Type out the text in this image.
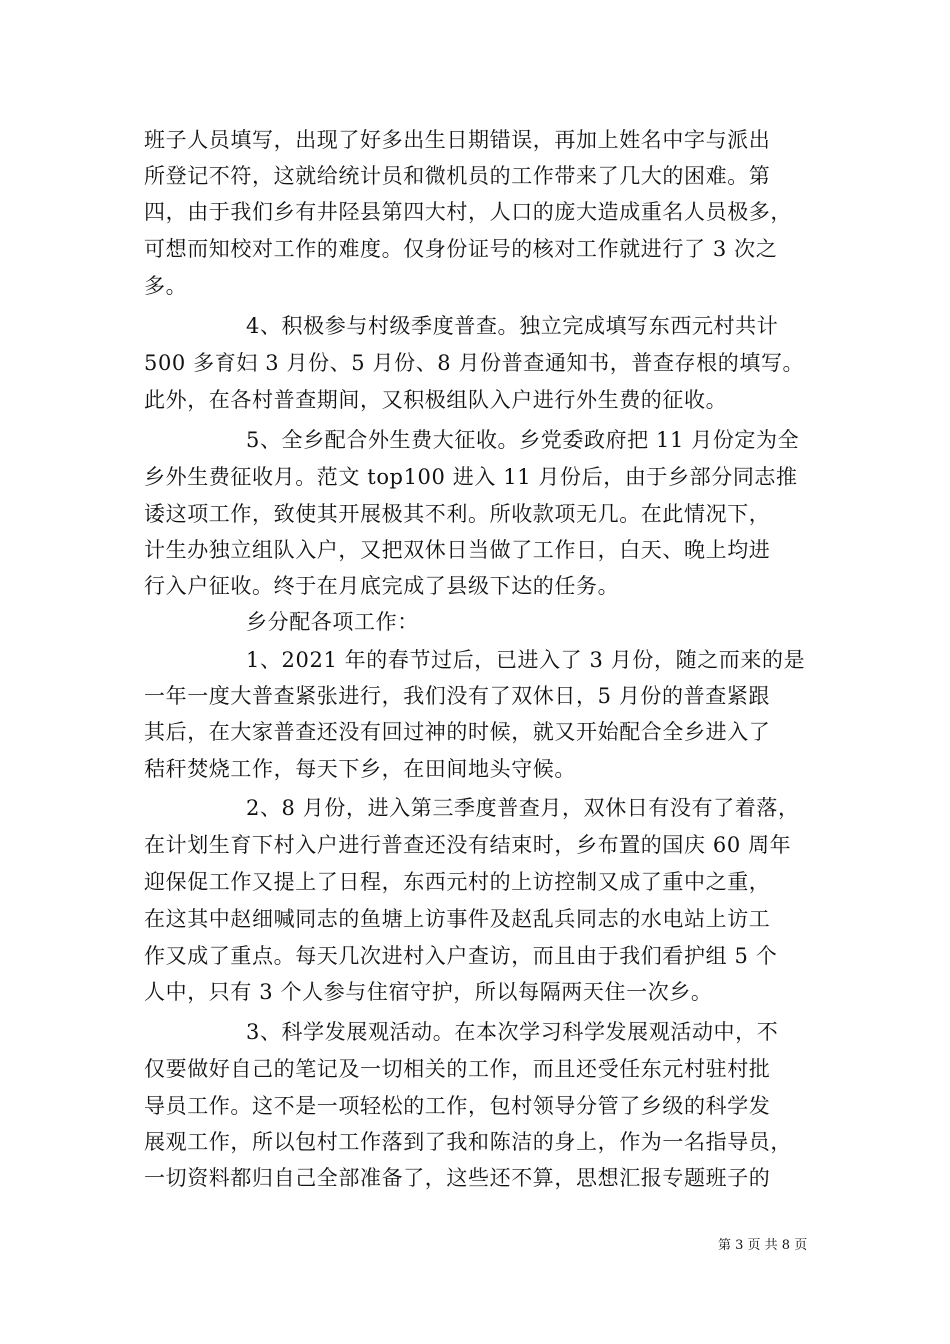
班子人员填写，出现了好多出生日期错误，再加上姓名中字与派出
所登记不符，这就给统计员和微机员的工作带来了几大的困难。第
四，由于我们乡有井陉县第四大村，人口的庞大造成重名人员极多，
可想而知校对工作的难度。仅身份证号的核对工作就进行了 3 次之
多。
4、积极参与村级季度普查。独立完成填写东西元村共计
500 多育妇 3 月份、5 月份、8 月份普查通知书，普查存根的填写。
此外，在各村普查期间，又积极组队入户进行外生费的征收。
5、全乡配合外生费大征收。乡党委政府把 11 月份定为全
乡外生费征收月。范文 top100 进入 11 月份后，由于乡部分同志推
诿这项工作，致使其开展极其不利。所收款项无几。在此情况下，
计生办独立组队入户，又把双休日当做了工作日，白天、晚上均进
行入户征收。终于在月底完成了县级下达的任务。
乡分配各项工作：
1、2021 年的春节过后，已进入了 3 月份，随之而来的是
一年一度大普查紧张进行，我们没有了双休日，5 月份的普查紧跟
其后，在大家普查还没有回过神的时候，就又开始配合全乡进入了
秸秆焚烧工作，每天下乡，在田间地头守候。
2、8 月份，进入第三季度普查月，双休日有没有了着落，
在计划生育下村入户进行普查还没有结束时，乡布置的国庆 60 周年
迎保促工作又提上了日程，东西元村的上访控制又成了重中之重，
在这其中赵细喊同志的鱼塘上访事件及赵乱兵同志的水电站上访工
作又成了重点。每天几次进村入户查访，而且由于我们看护组 5 个
人中，只有 3 个人参与住宿守护，所以每隔两天住一次乡。
3、科学发展观活动。在本次学习科学发展观活动中，不
仅要做好自己的笔记及一切相关的工作，而且还受任东元村驻村批
导员工作。这不是一项轻松的工作，包村领导分管了乡级的科学发
展观工作，所以包村工作落到了我和陈洁的身上，作为一名指导员，
一切资料都归自己全部准备了，这些还不算，思想汇报专题班子的
第 3 页 共 8 页
